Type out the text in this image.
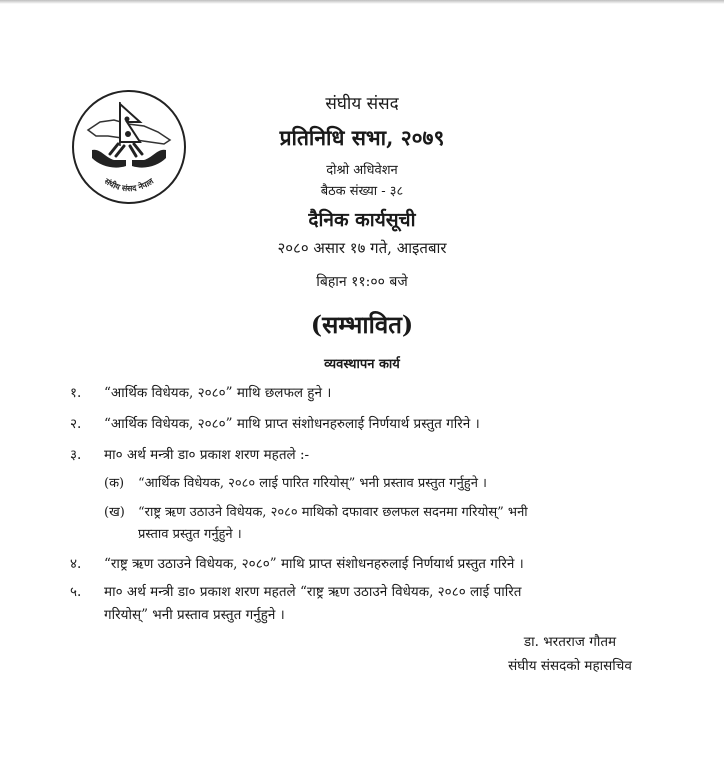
संघीय संसद नेपाल
संघीय संसद
प्रतिनिधि सभा, २०७९
दोश्रो अधिवेशन
बैठक संख्या - ३८
दैनिक कार्यसूची
२०८० असार १७ गते, आइतबार
बिहान ११:०० बजे
(सम्भावित)
व्यवस्थापन कार्य
१. “आर्थिक विधेयक, २०८०” माथि छलफल हुने ।
२. “आर्थिक विधेयक, २०८०” माथि प्राप्त संशोधनहरुलाई निर्णयार्थ प्रस्तुत गरिने ।
३. मा० अर्थ मन्त्री डा० प्रकाश शरण महतले :-
(क) “आर्थिक विधेयक, २०८० लाई पारित गरियोस्” भनी प्रस्ताव प्रस्तुत गर्नुहुने ।
(ख) “राष्ट्र ऋण उठाउने विधेयक, २०८० माथिको दफावार छलफल सदनमा गरियोस्” भनी
प्रस्ताव प्रस्तुत गर्नुहुने ।
४. “राष्ट्र ऋण उठाउने विधेयक, २०८०” माथि प्राप्त संशोधनहरुलाई निर्णयार्थ प्रस्तुत गरिने ।
५. मा० अर्थ मन्त्री डा० प्रकाश शरण महतले “राष्ट्र ऋण उठाउने विधेयक, २०८० लाई पारित
गरियोस्” भनी प्रस्ताव प्रस्तुत गर्नुहुने ।
डा. भरतराज गौतम
संघीय संसदको महासचिव
